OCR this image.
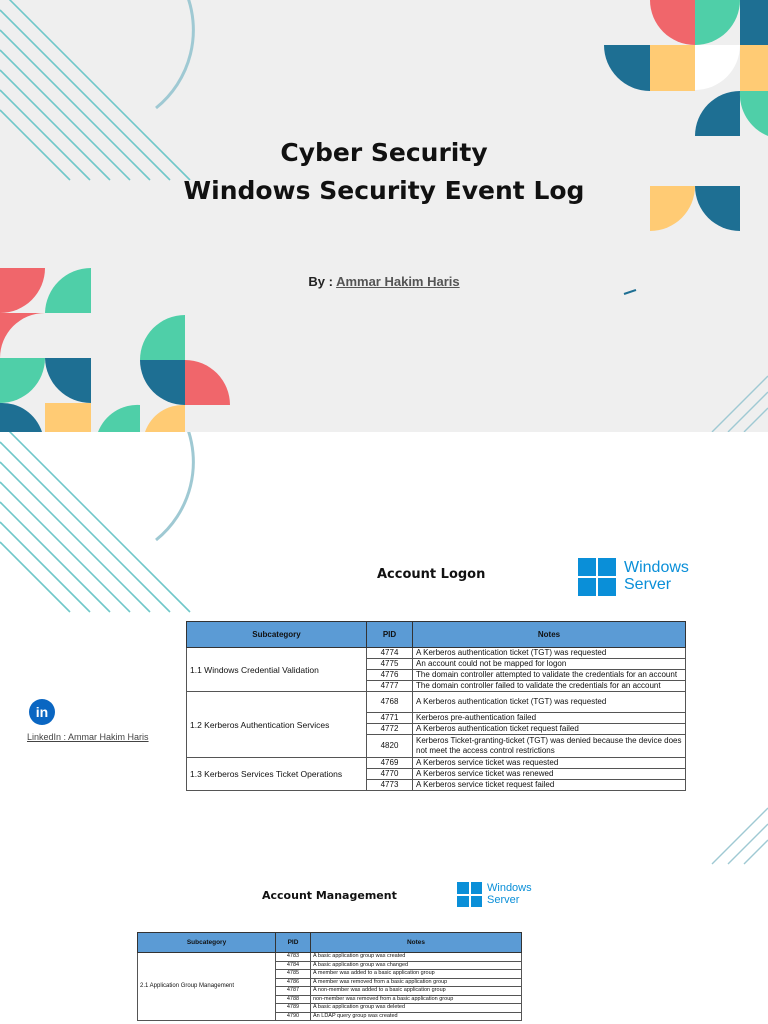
Cyber Security
Windows Security Event Log
By : Ammar Hakim Haris
Account Logon	Windows
Server
Subcategory	PID	Notes
1.1 Windows Credential Validation	4774	A Kerberos authentication ticket (TGT) was requested
	4775	An account could not be mapped for logon
	4776	The domain controller attempted to validate the credentials for an account
	4777	The domain controller failed to validate the credentials for an account
1.2 Kerberos Authentication Services	4768	A Kerberos authentication ticket (TGT) was requested
	4771	Kerberos pre-authentication failed
	4772	A Kerberos authentication ticket request failed
	4820	Kerberos Ticket-granting-ticket (TGT) was denied because the device does not meet the access control restrictions
1.3 Kerberos Services Ticket Operations	4769	A Kerberos service ticket was requested
	4770	A Kerberos service ticket was renewed
	4773	A Kerberos service ticket request failed
in
LinkedIn : Ammar Hakim Haris
Account Management
Windows
Server
Subcategory	PID	Notes
2.1 Application Group Management	4783	A basic application group was created
	4784	A basic application group was changed
	4785	A member was added to a basic application group
	4786	A member was removed from a basic application group
	4787	A non-member was added to a basic application group
	4788	non-member was removed from a basic application group
	4789	A basic application group was deleted
	4790	An LDAP query group was created
